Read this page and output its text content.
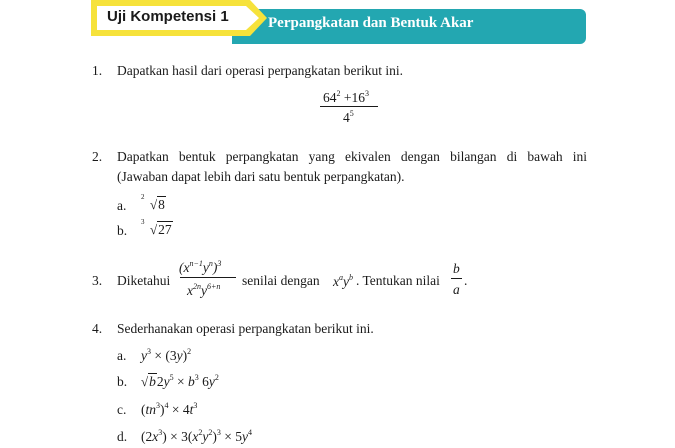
Perpangkatan dan Bentuk Akar
Uji Kompetensi 1
1. Dapatkan hasil dari operasi perpangkatan berikut ini.
$64^2 +16^3$
$4^5$
2. Dapatkan bentuk perpangkatan yang ekivalen dengan bilangan di bawah ini
(Jawaban dapat lebih dari satu bentuk perpangkatan).
a.
2 √8
b.
3 √27
3. Diketahui
$(x^{n-1}y^n)^3$
$x^{2n}y^{6+n}$ senilai dengan $x^ay^b$ . Tentukan nilai
b
a
.
4. Sederhanakan operasi perpangkatan berikut ini.
a. $y^3 \times (3y)^2$
b. $√b2y^5 \times b^3$ $6y^2$
c. $(tn^3)^4 \times 4t^3$
d. $(2x^3) \times 3(x^2y^2)^3 \times 5y^4$
